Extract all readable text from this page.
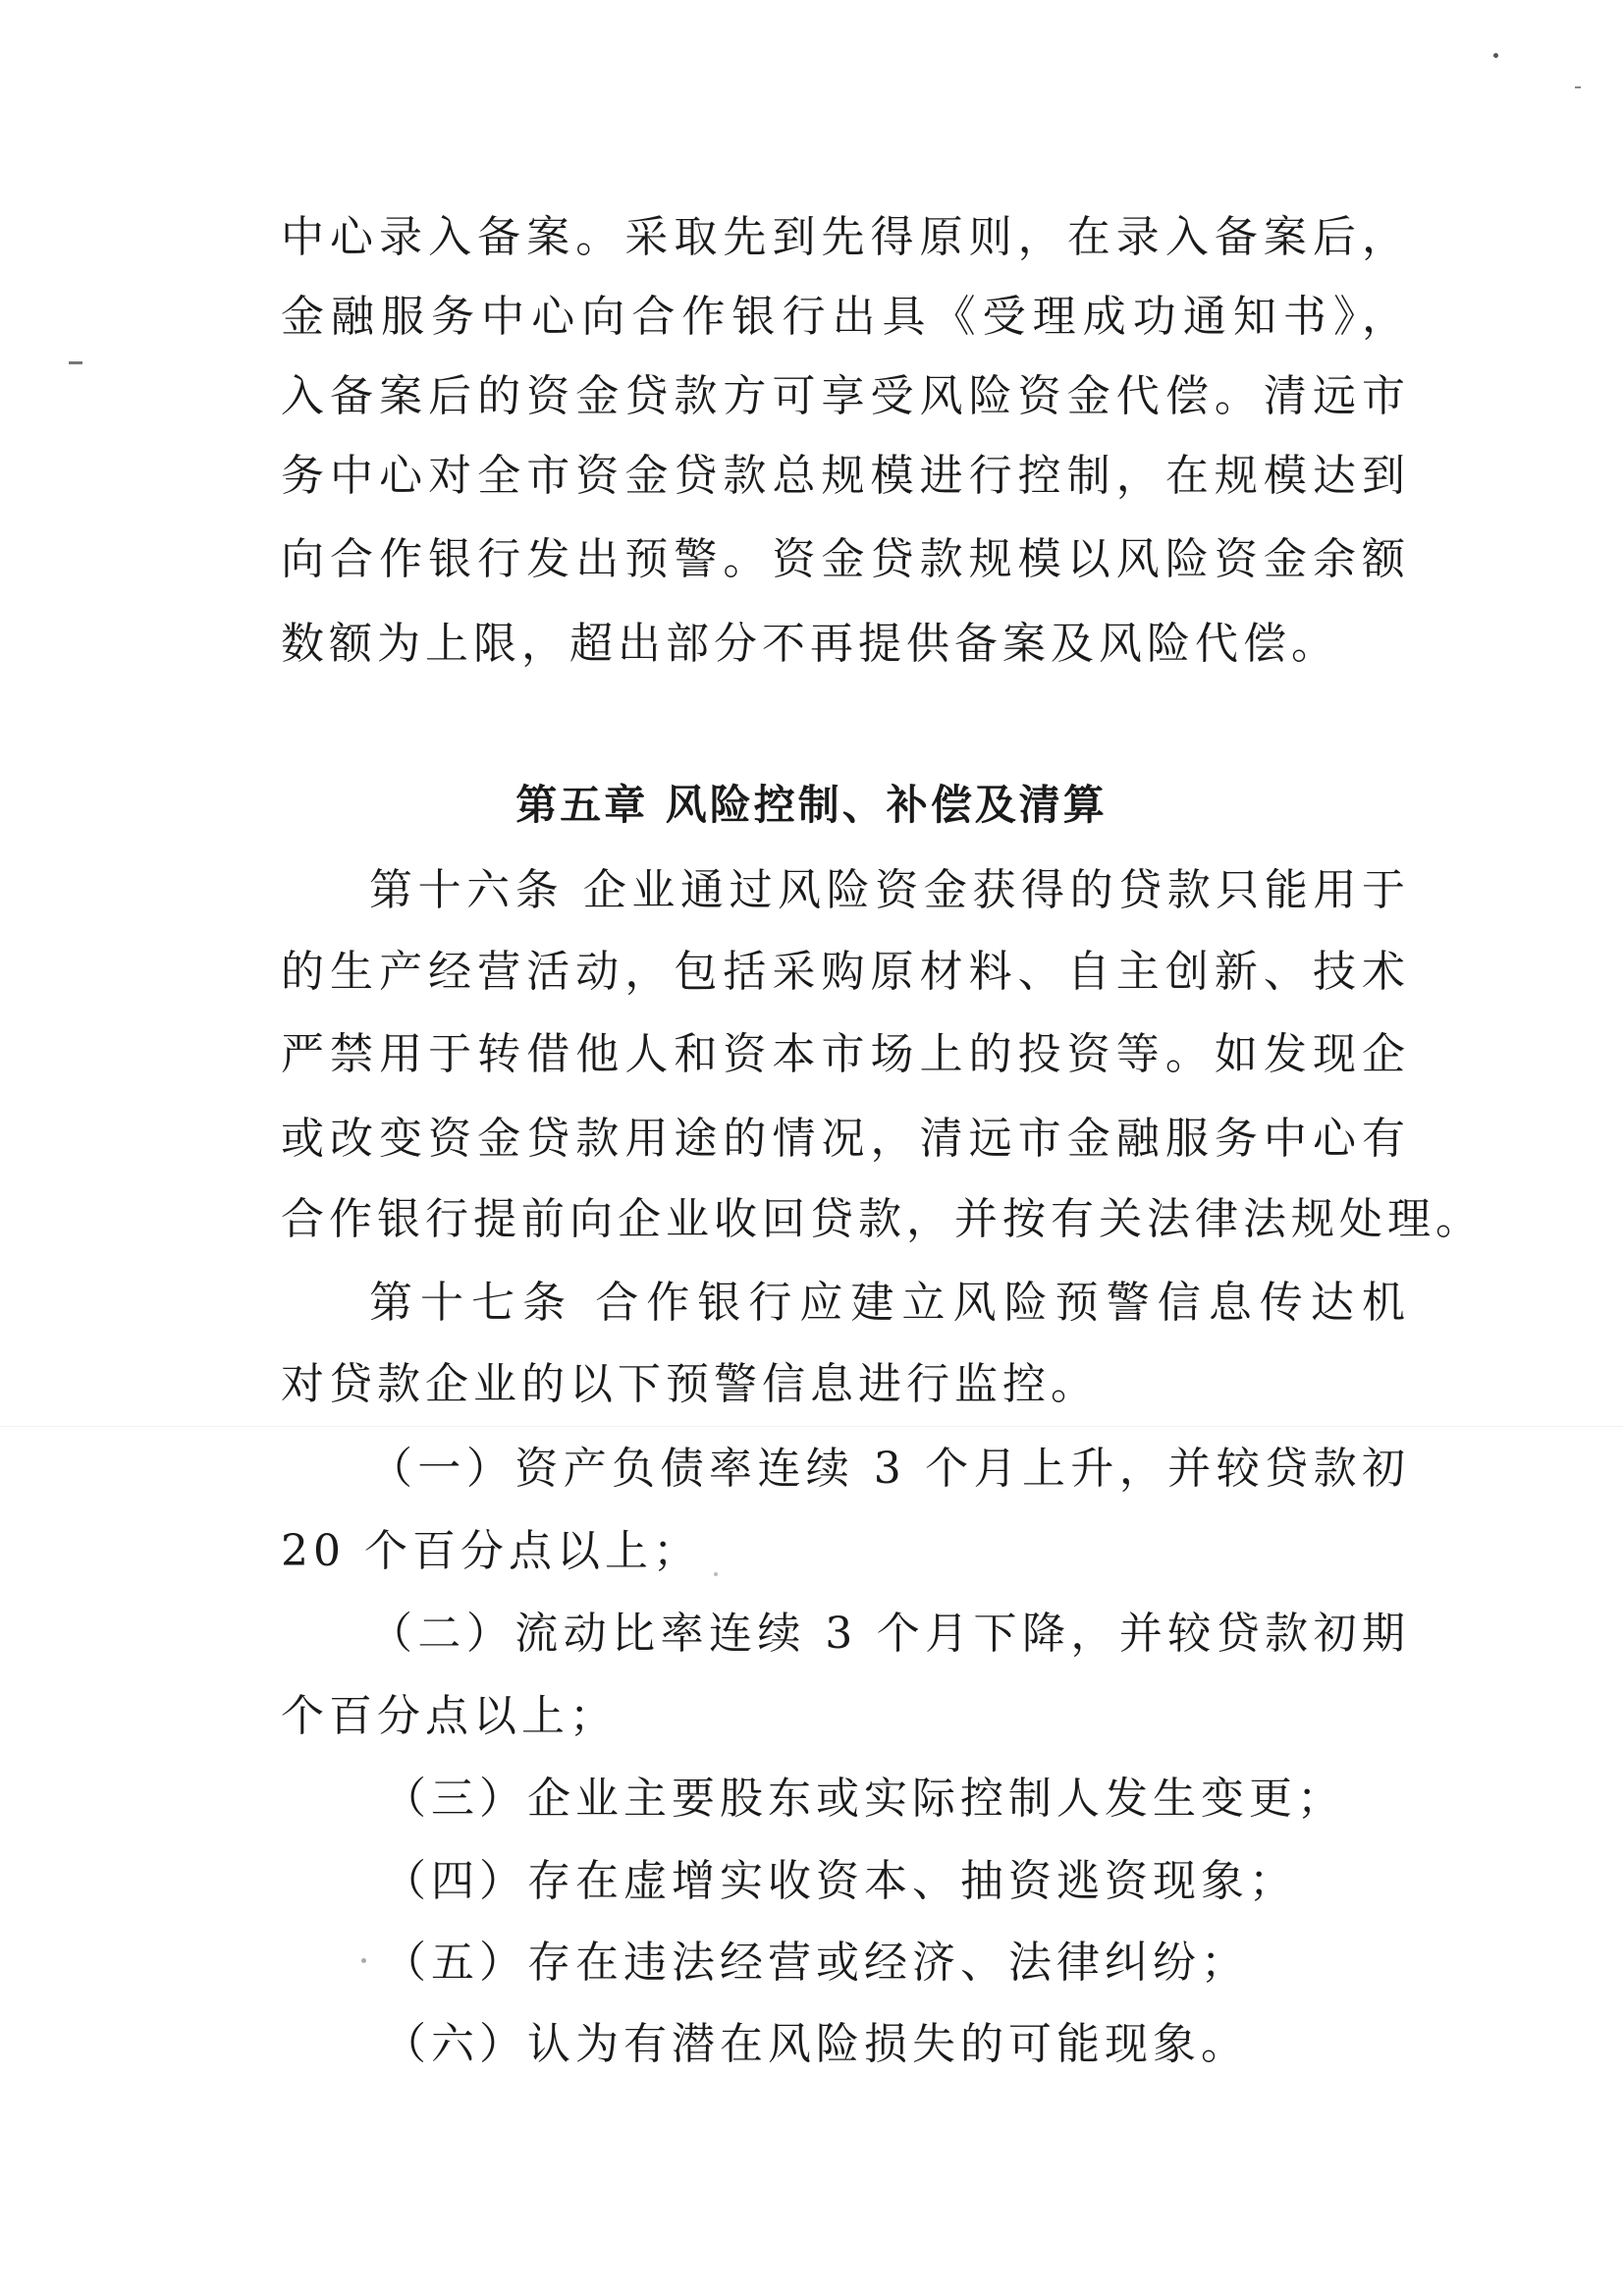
中心录入备案。采取先到先得原则，在录入备案后，
金融服务中心向合作银行出具《受理成功通知书》，
入备案后的资金贷款方可享受风险资金代偿。清远市
务中心对全市资金贷款总规模进行控制，在规模达到
向合作银行发出预警。资金贷款规模以风险资金余额
数额为上限，超出部分不再提供备案及风险代偿。
第五章 风险控制、补偿及清算
第十六条 企业通过风险资金获得的贷款只能用于
的生产经营活动，包括采购原材料、自主创新、技术
严禁用于转借他人和资本市场上的投资等。如发现企
或改变资金贷款用途的情况，清远市金融服务中心有
合作银行提前向企业收回贷款，并按有关法律法规处理。
第十七条 合作银行应建立风险预警信息传达机
对贷款企业的以下预警信息进行监控。
（一）资产负债率连续 3 个月上升，并较贷款初
20 个百分点以上；
（二）流动比率连续 3 个月下降，并较贷款初期
个百分点以上；
（三）企业主要股东或实际控制人发生变更；
（四）存在虚增实收资本、抽资逃资现象；
（五）存在违法经营或经济、法律纠纷；
（六）认为有潜在风险损失的可能现象。
